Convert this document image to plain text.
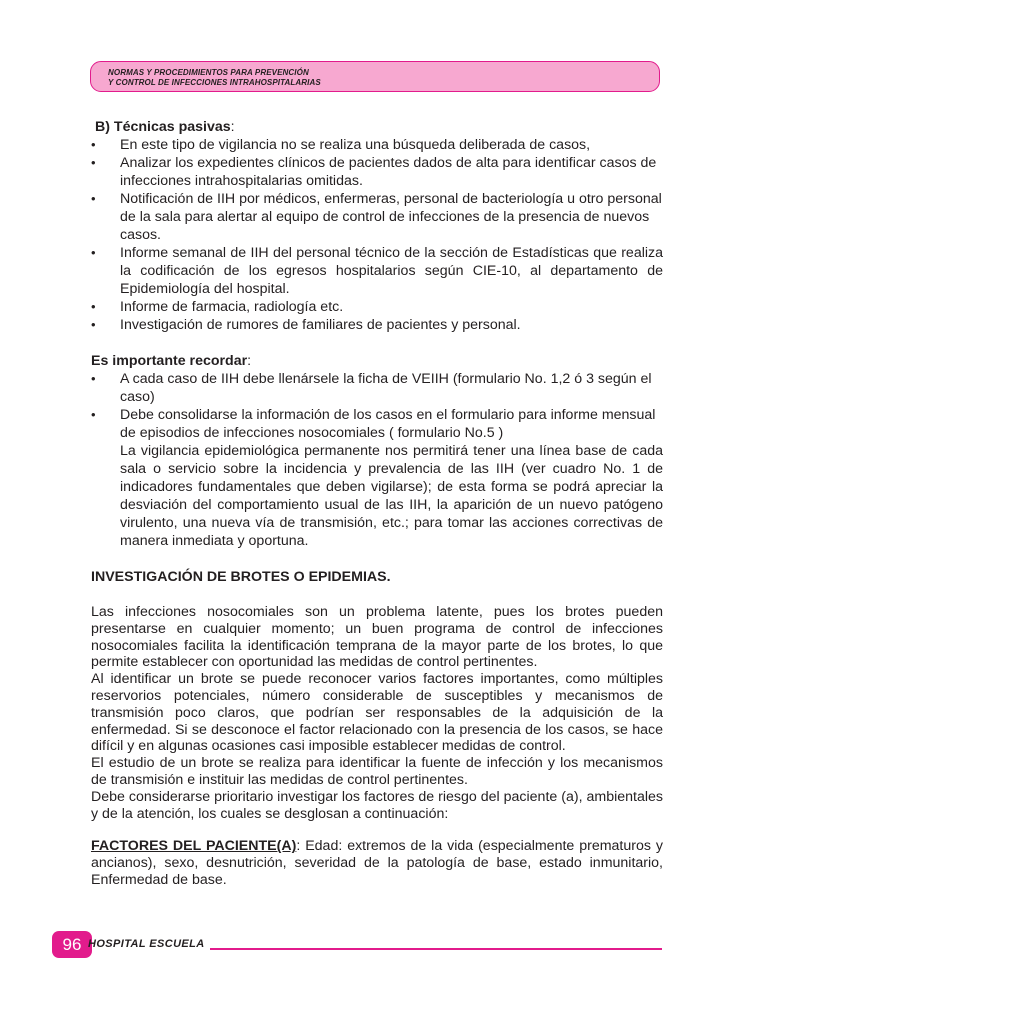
NORMAS Y PROCEDIMIENTOS PARA PREVENCIÓN
Y CONTROL DE INFECCIONES INTRAHOSPITALARIAS

B) Técnicas pasivas:

• En este tipo de vigilancia no se realiza una búsqueda deliberada de casos,
• Analizar los expedientes clínicos de pacientes dados de alta para identificar casos de infecciones intrahospitalarias omitidas.
• Notificación de IIH por médicos, enfermeras, personal de bacteriología u otro personal de la sala para alertar al equipo de control de infecciones de la presencia de nuevos casos.
• Informe semanal de IIH del personal técnico de la sección de Estadísticas que realiza la codificación de los egresos hospitalarios según CIE-10, al departamento de Epidemiología del hospital.
• Informe de farmacia, radiología etc.
• Investigación de rumores de familiares de pacientes y personal.

Es importante recordar:

• A cada caso de IIH debe llenársele la ficha de VEIIH (formulario No. 1,2 ó 3 según el caso)
• Debe consolidarse la información de los casos en el formulario para informe mensual de episodios de infecciones nosocomiales ( formulario No.5 )
La vigilancia epidemiológica permanente nos permitirá tener una línea base de cada sala o servicio sobre la incidencia y prevalencia de las IIH (ver cuadro No. 1 de indicadores fundamentales que deben vigilarse); de esta forma se podrá apreciar la desviación del comportamiento usual de las IIH, la aparición de un nuevo patógeno virulento, una nueva vía de transmisión, etc.; para tomar las acciones correctivas de manera inmediata y oportuna.

INVESTIGACIÓN DE BROTES O EPIDEMIAS.

Las infecciones nosocomiales son un problema latente, pues los brotes pueden presentarse en cualquier momento; un buen programa de control de infecciones nosocomiales facilita la identificación temprana de la mayor parte de los brotes, lo que permite establecer con oportunidad las medidas de control pertinentes.

Al identificar un brote se puede reconocer varios factores importantes, como múltiples reservorios potenciales, número considerable de susceptibles y mecanismos de transmisión poco claros, que podrían ser responsables de la adquisición de la enfermedad. Si se desconoce el factor relacionado con la presencia de los casos, se hace difícil y en algunas ocasiones casi imposible establecer medidas de control.

El estudio de un brote se realiza para identificar la fuente de infección y los mecanismos de transmisión e instituir las medidas de control pertinentes.

Debe considerarse prioritario investigar los factores de riesgo del paciente (a), ambientales y de la atención, los cuales se desglosan a continuación:

FACTORES DEL PACIENTE(A): Edad: extremos de la vida (especialmente prematuros y ancianos), sexo, desnutrición, severidad de la patología de base, estado inmunitario, Enfermedad de base.

96 HOSPITAL ESCUELA
